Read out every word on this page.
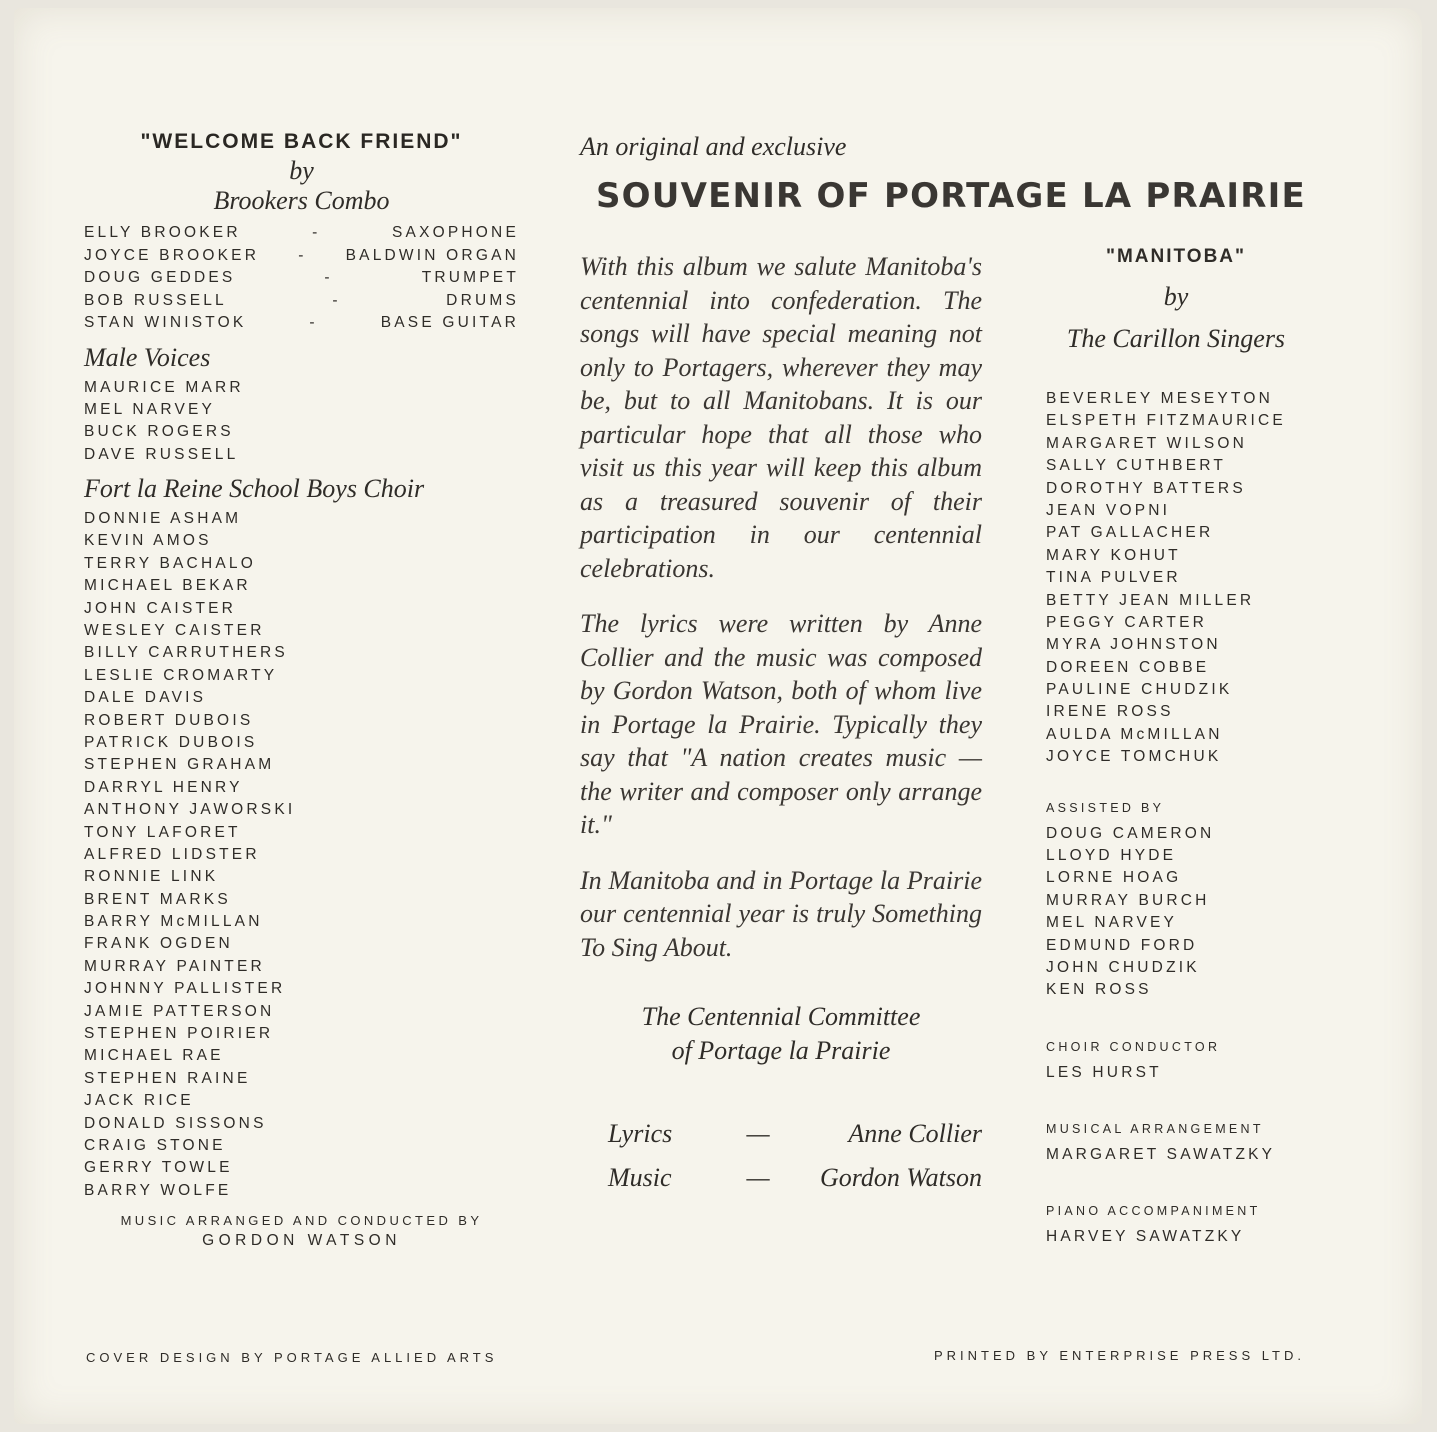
"WELCOME BACK FRIEND"
by
Brookers Combo
ELLY BROOKER	-	SAXOPHONE
JOYCE BROOKER	-	BALDWIN ORGAN
DOUG GEDDES	-	TRUMPET
BOB RUSSELL	-	DRUMS
STAN WINISTOK	-	BASE GUITAR
Male Voices
MAURICE MARR
MEL NARVEY
BUCK ROGERS
DAVE RUSSELL
Fort la Reine School Boys Choir
DONNIE ASHAM
KEVIN AMOS
TERRY BACHALO
MICHAEL BEKAR
JOHN CAISTER
WESLEY CAISTER
BILLY CARRUTHERS
LESLIE CROMARTY
DALE DAVIS
ROBERT DUBOIS
PATRICK DUBOIS
STEPHEN GRAHAM
DARRYL HENRY
ANTHONY JAWORSKI
TONY LAFORET
ALFRED LIDSTER
RONNIE LINK
BRENT MARKS
BARRY McMILLAN
FRANK OGDEN
MURRAY PAINTER
JOHNNY PALLISTER
JAMIE PATTERSON
STEPHEN POIRIER
MICHAEL RAE
STEPHEN RAINE
JACK RICE
DONALD SISSONS
CRAIG STONE
GERRY TOWLE
BARRY WOLFE
MUSIC ARRANGED AND CONDUCTED BY
GORDON WATSON
An original and exclusive
SOUVENIR OF PORTAGE LA PRAIRIE

With this album we salute Manitoba's centennial into confederation. The songs will have special meaning not only to Portagers, wherever they may be, but to all Manitobans. It is our particular hope that all those who visit us this year will keep this album as a treasured souvenir of their participation in our centennial celebrations.

The lyrics were written by Anne Collier and the music was composed by Gordon Watson, both of whom live in Portage la Prairie. Typically they say that "A nation creates music — the writer and composer only arrange it."

In Manitoba and in Portage la Prairie our centennial year is truly Something To Sing About.

The Centennial Committee
of Portage la Prairie
Lyrics	—	Anne Collier
Music	—	Gordon Watson
"MANITOBA"
by
The Carillon Singers
BEVERLEY MESEYTON
ELSPETH FITZMAURICE
MARGARET WILSON
SALLY CUTHBERT
DOROTHY BATTERS
JEAN VOPNI
PAT GALLACHER
MARY KOHUT
TINA PULVER
BETTY JEAN MILLER
PEGGY CARTER
MYRA JOHNSTON
DOREEN COBBE
PAULINE CHUDZIK
IRENE ROSS
AULDA McMILLAN
JOYCE TOMCHUK
ASSISTED BY
DOUG CAMERON
LLOYD HYDE
LORNE HOAG
MURRAY BURCH
MEL NARVEY
EDMUND FORD
JOHN CHUDZIK
KEN ROSS
CHOIR CONDUCTOR
LES HURST
MUSICAL ARRANGEMENT
MARGARET SAWATZKY
PIANO ACCOMPANIMENT
HARVEY SAWATZKY
COVER DESIGN BY PORTAGE ALLIED ARTS	PRINTED BY ENTERPRISE PRESS LTD.
